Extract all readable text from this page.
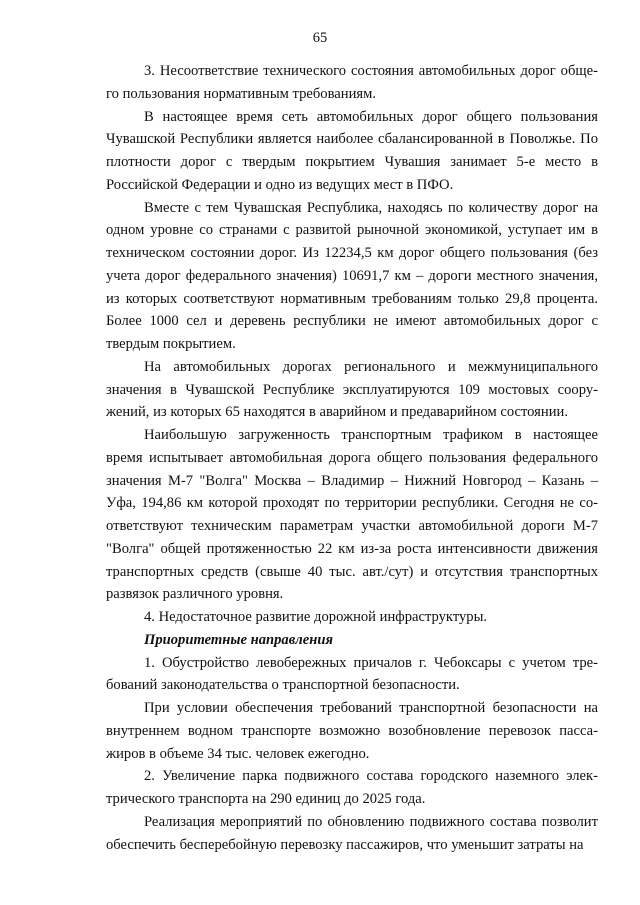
65

3. Несоответствие технического состояния автомобильных дорог общего пользования нормативным требованиям.

В настоящее время сеть автомобильных дорог общего пользования Чувашской Республики является наиболее сбалансированной в Поволжье. По плотности дорог с твердым покрытием Чувашия занимает 5-е место в Российской Федерации и одно из ведущих мест в ПФО.

Вместе с тем Чувашская Республика, находясь по количеству дорог на одном уровне со странами с развитой рыночной экономикой, уступает им в техническом состоянии дорог. Из 12234,5 км дорог общего пользования (без учета дорог федерального значения) 10691,7 км – дороги местного значения, из которых соответствуют нормативным требованиям только 29,8 процента. Более 1000 сел и деревень республики не имеют автомобильных дорог с твердым покрытием.

На автомобильных дорогах регионального и межмуниципального значения в Чувашской Республике эксплуатируются 109 мостовых сооружений, из которых 65 находятся в аварийном и предаварийном состоянии.

Наибольшую загруженность транспортным трафиком в настоящее время испытывает автомобильная дорога общего пользования федерального значения М-7 "Волга" Москва – Владимир – Нижний Новгород – Казань – Уфа, 194,86 км которой проходят по территории республики. Сегодня не соответствуют техническим параметрам участки автомобильной дороги М-7 "Волга" общей протяженностью 22 км из-за роста интенсивности движения транспортных средств (свыше 40 тыс. авт./сут) и отсутствия транспортных развязок различного уровня.

4. Недостаточное развитие дорожной инфраструктуры.

Приоритетные направления

1. Обустройство левобережных причалов г. Чебоксары с учетом требований законодательства о транспортной безопасности.

При условии обеспечения требований транспортной безопасности на внутреннем водном транспорте возможно возобновление перевозок пассажиров в объеме 34 тыс. человек ежегодно.

2. Увеличение парка подвижного состава городского наземного электрического транспорта на 290 единиц до 2025 года.

Реализация мероприятий по обновлению подвижного состава позволит обеспечить бесперебойную перевозку пассажиров, что уменьшит затраты на
